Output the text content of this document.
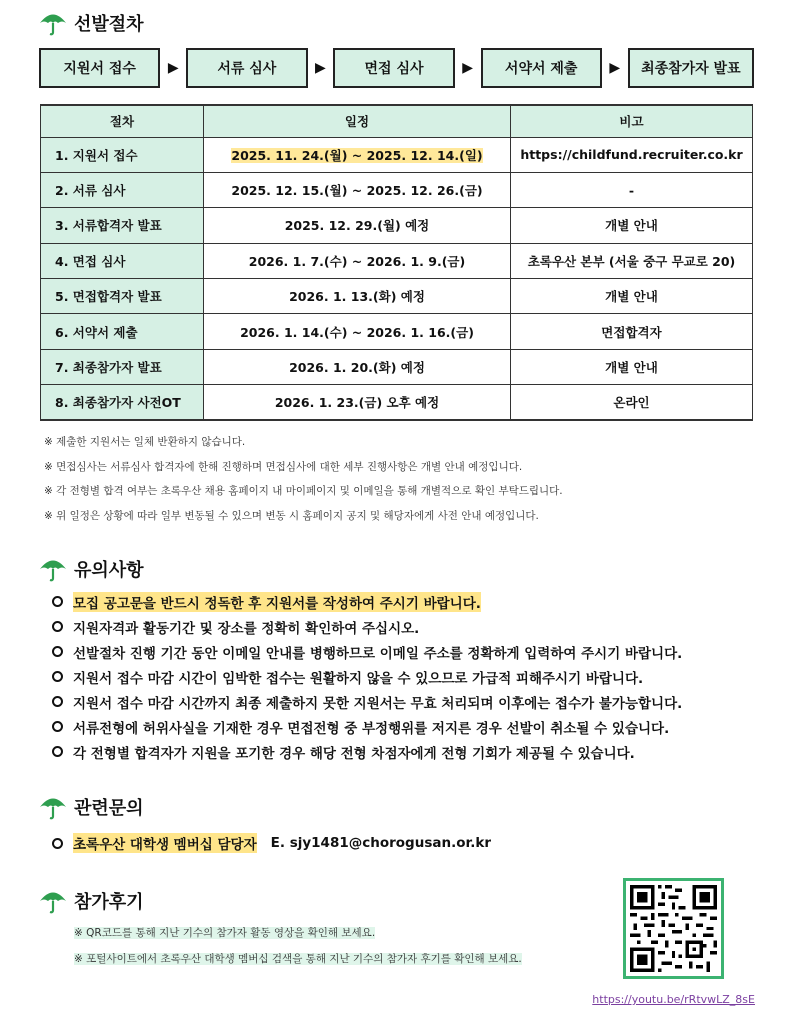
선발절차
지원서 접수	▶	서류 심사	▶	면접 심사	▶	서약서 제출	▶	최종참가자 발표
절차	일정	비고
1. 지원서 접수	2025. 11. 24.(월) ~ 2025. 12. 14.(일)	https://childfund.recruiter.co.kr
2. 서류 심사	2025. 12. 15.(월) ~ 2025. 12. 26.(금)	-
3. 서류합격자 발표	2025. 12. 29.(월) 예정	개별 안내
4. 면접 심사	2026. 1. 7.(수) ~ 2026. 1. 9.(금)	초록우산 본부 (서울 중구 무교로 20)
5. 면접합격자 발표	2026. 1. 13.(화) 예정	개별 안내
6. 서약서 제출	2026. 1. 14.(수) ~ 2026. 1. 16.(금)	면접합격자
7. 최종참가자 발표	2026. 1. 20.(화) 예정	개별 안내
8. 최종참가자 사전OT	2026. 1. 23.(금) 오후 예정	온라인
※ 제출한 지원서는 일체 반환하지 않습니다.
※ 면접심사는 서류심사 합격자에 한해 진행하며 면접심사에 대한 세부 진행사항은 개별 안내 예정입니다.
※ 각 전형별 합격 여부는 초록우산 채용 홈페이지 내 마이페이지 및 이메일을 통해 개별적으로 확인 부탁드립니다.
※ 위 일정은 상황에 따라 일부 변동될 수 있으며 변동 시 홈페이지 공지 및 해당자에게 사전 안내 예정입니다.
유의사항
모집 공고문을 반드시 정독한 후 지원서를 작성하여 주시기 바랍니다.
지원자격과 활동기간 및 장소를 정확히 확인하여 주십시오.
선발절차 진행 기간 동안 이메일 안내를 병행하므로 이메일 주소를 정확하게 입력하여 주시기 바랍니다.
지원서 접수 마감 시간이 임박한 접수는 원활하지 않을 수 있으므로 가급적 피해주시기 바랍니다.
지원서 접수 마감 시간까지 최종 제출하지 못한 지원서는 무효 처리되며 이후에는 접수가 불가능합니다.
서류전형에 허위사실을 기재한 경우 면접전형 중 부정행위를 저지른 경우 선발이 취소될 수 있습니다.
각 전형별 합격자가 지원을 포기한 경우 해당 전형 차점자에게 전형 기회가 제공될 수 있습니다.
관련문의
초록우산 대학생 멤버십 담당자 E. sjy1481@chorogusan.or.kr
참가후기
※ QR코드를 통해 지난 기수의 참가자 활동 영상을 확인해 보세요.
※ 포털사이트에서 초록우산 대학생 멤버십 검색을 통해 지난 기수의 참가자 후기를 확인해 보세요.
https://youtu.be/rRtvwLZ_8sE
